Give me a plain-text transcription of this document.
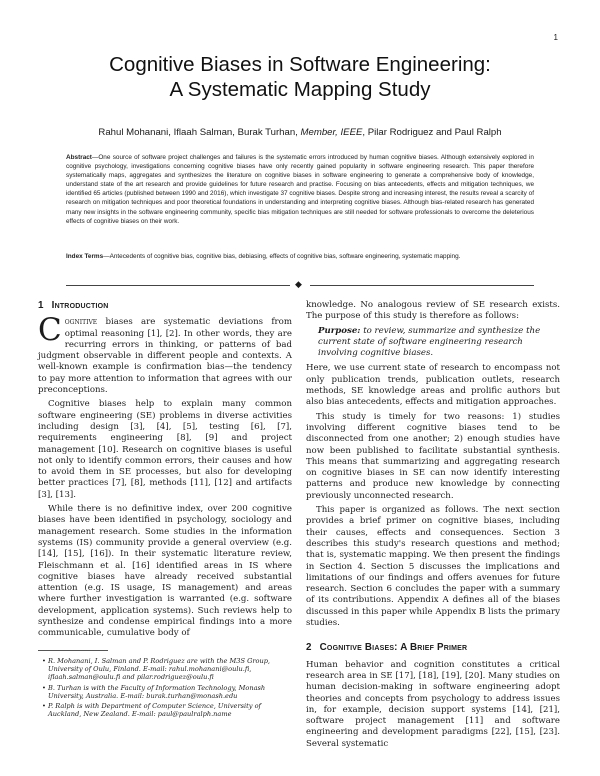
1
Cognitive Biases in Software Engineering:
A Systematic Mapping Study
Rahul Mohanani, Iflaah Salman, Burak Turhan, Member, IEEE, Pilar Rodriguez and Paul Ralph
Abstract—One source of software project challenges and failures is the systematic errors introduced by human cognitive biases. Although extensively explored in cognitive psychology, investigations concerning cognitive biases have only recently gained popularity in software engineering research. This paper therefore systematically maps, aggregates and synthesizes the literature on cognitive biases in software engineering to generate a comprehensive body of knowledge, understand state of the art research and provide guidelines for future research and practise. Focusing on bias antecedents, effects and mitigation techniques, we identified 65 articles (published between 1990 and 2016), which investigate 37 cognitive biases. Despite strong and increasing interest, the results reveal a scarcity of research on mitigation techniques and poor theoretical foundations in understanding and interpreting cognitive biases. Although bias-related research has generated many new insights in the software engineering community, specific bias mitigation techniques are still needed for software professionals to overcome the deleterious effects of cognitive biases on their work.
Index Terms—Antecedents of cognitive bias, cognitive bias, debiasing, effects of cognitive bias, software engineering, systematic mapping.
◆
1 Introduction

Cognitive biases are systematic deviations from optimal reasoning [1], [2]. In other words, they are recurring errors in thinking, or patterns of bad judgment observable in different people and contexts. A well-known example is confirmation bias—the tendency to pay more attention to information that agrees with our preconceptions.

Cognitive biases help to explain many common software engineering (SE) problems in diverse activities including design [3], [4], [5], testing [6], [7], requirements engineering [8], [9] and project management [10]. Research on cognitive biases is useful not only to identify common errors, their causes and how to avoid them in SE processes, but also for developing better practices [7], [8], methods [11], [12] and artifacts [3], [13].

While there is no definitive index, over 200 cognitive biases have been identified in psychology, sociology and management research. Some studies in the information systems (IS) community provide a general overview (e.g. [14], [15], [16]). In their systematic literature review, Fleischmann et al. [16] identified areas in IS where cognitive biases have already received substantial attention (e.g. IS usage, IS management) and areas where further investigation is warranted (e.g. software development, application systems). Such reviews help to synthesize and condense empirical findings into a more communicable, cumulative body of

• R. Mohanani, I. Salman and P. Rodriguez are with the M3S Group, University of Oulu, Finland. E-mail: rahul.mohanani@oulu.fi, iflaah.salman@oulu.fi and pilar.rodriguez@oulu.fi

• B. Turhan is with the Faculty of Information Technology, Monash University, Australia. E-mail: burak.turhan@monash.edu

• P. Ralph is with Department of Computer Science, University of Auckland, New Zealand. E-mail: paul@paulralph.name

knowledge. No analogous review of SE research exists. The purpose of this study is therefore as follows:

Purpose: to review, summarize and synthesize the current state of software engineering research involving cognitive biases.

Here, we use current state of research to encompass not only publication trends, publication outlets, research methods, SE knowledge areas and prolific authors but also bias antecedents, effects and mitigation approaches.

This study is timely for two reasons: 1) studies involving different cognitive biases tend to be disconnected from one another; 2) enough studies have now been published to facilitate substantial synthesis. This means that summarizing and aggregating research on cognitive biases in SE can now identify interesting patterns and produce new knowledge by connecting previously unconnected research.

This paper is organized as follows. The next section provides a brief primer on cognitive biases, including their causes, effects and consequences. Section 3 describes this study's research questions and method; that is, systematic mapping. We then present the findings in Section 4. Section 5 discusses the implications and limitations of our findings and offers avenues for future research. Section 6 concludes the paper with a summary of its contributions. Appendix A defines all of the biases discussed in this paper while Appendix B lists the primary studies.

2 Cognitive Biases: A Brief Primer

Human behavior and cognition constitutes a critical research area in SE [17], [18], [19], [20]. Many studies on human decision-making in software engineering adopt theories and concepts from psychology to address issues in, for example, decision support systems [14], [21], software project management [11] and software engineering and development paradigms [22], [15], [23]. Several systematic
